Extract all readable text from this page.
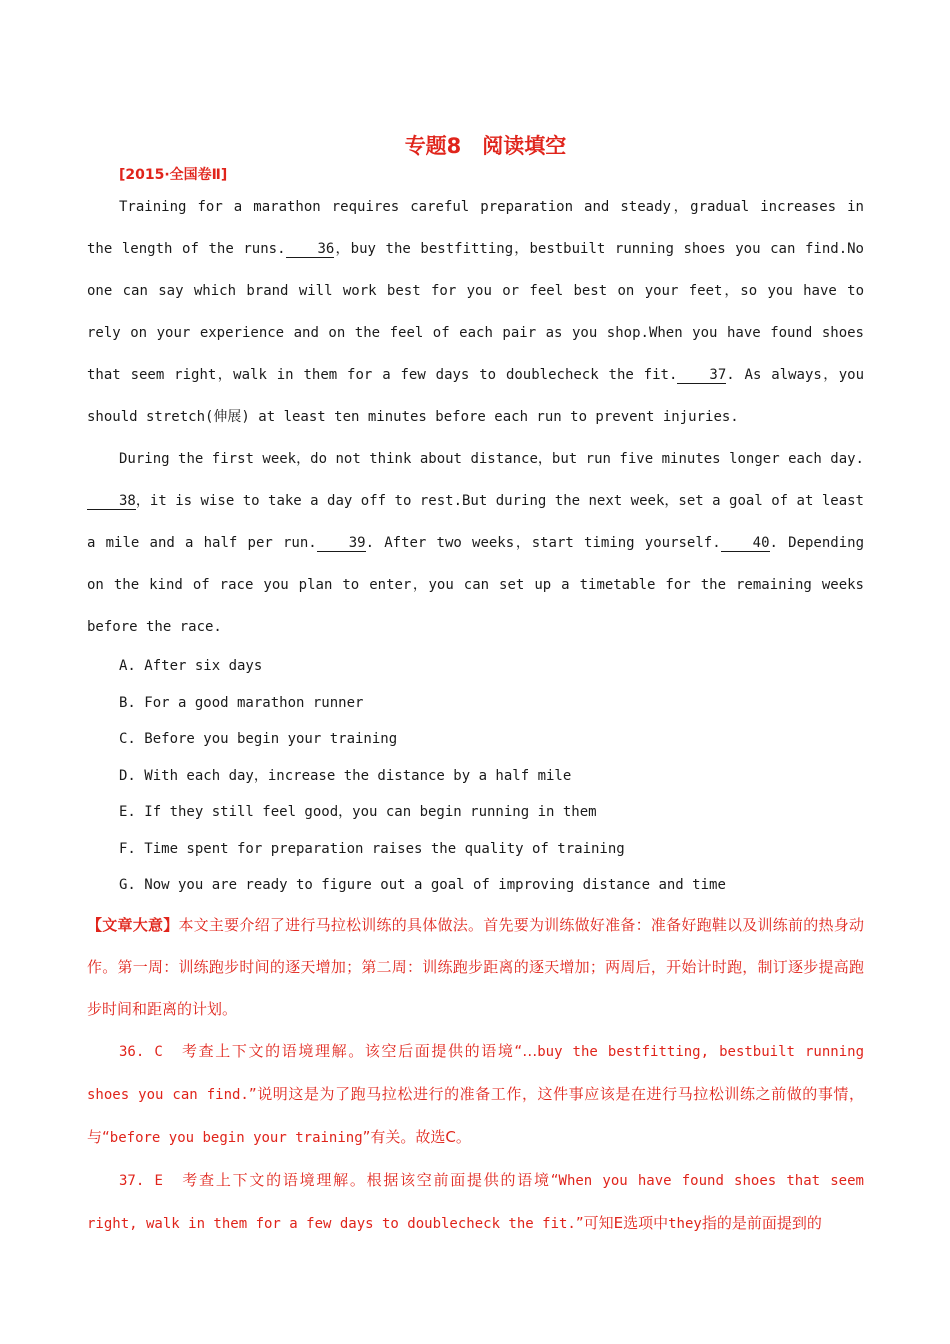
专题8　阅读填空
[2015·全国卷Ⅱ]

Training for a marathon requires careful preparation and steady，gradual increases in the length of the runs. 36，buy the bestfitting，bestbuilt running shoes you can find.No one can say which brand will work best for you or feel best on your feet，so you have to rely on your experience and on the feel of each pair as you shop.When you have found shoes that seem right，walk in them for a few days to doublecheck the fit. 37. As always，you should stretch(伸展) at least ten minutes before each run to prevent injuries.

During the first week，do not think about distance，but run five minutes longer each day.38，it is wise to take a day off to rest.But during the next week，set a goal of at least a mile and a half per run. 39. After two weeks，start timing yourself. 40. Depending on the kind of race you plan to enter，you can set up a timetable for the remaining weeks before the race.

A. After six days
B. For a good marathon runner
C. Before you begin your training
D. With each day，increase the distance by a half mile
E. If they still feel good，you can begin running in them
F. Time spent for preparation raises the quality of training
G. Now you are ready to figure out a goal of improving distance and time

【文章大意】本文主要介绍了进行马拉松训练的具体做法。首先要为训练做好准备：准备好跑鞋以及训练前的热身动作。第一周：训练跑步时间的逐天增加；第二周：训练跑步距离的逐天增加；两周后，开始计时跑，制订逐步提高跑步时间和距离的计划。

36. C 考查上下文的语境理解。该空后面提供的语境“…buy the bestfitting, bestbuilt running shoes you can find.”说明这是为了跑马拉松进行的准备工作，这件事应该是在进行马拉松训练之前做的事情，与“before you begin your training”有关。故选C。

37. E 考查上下文的语境理解。根据该空前面提供的语境“When you have found shoes that seem right, walk in them for a few days to doublecheck the fit.”可知E选项中they指的是前面提到的
